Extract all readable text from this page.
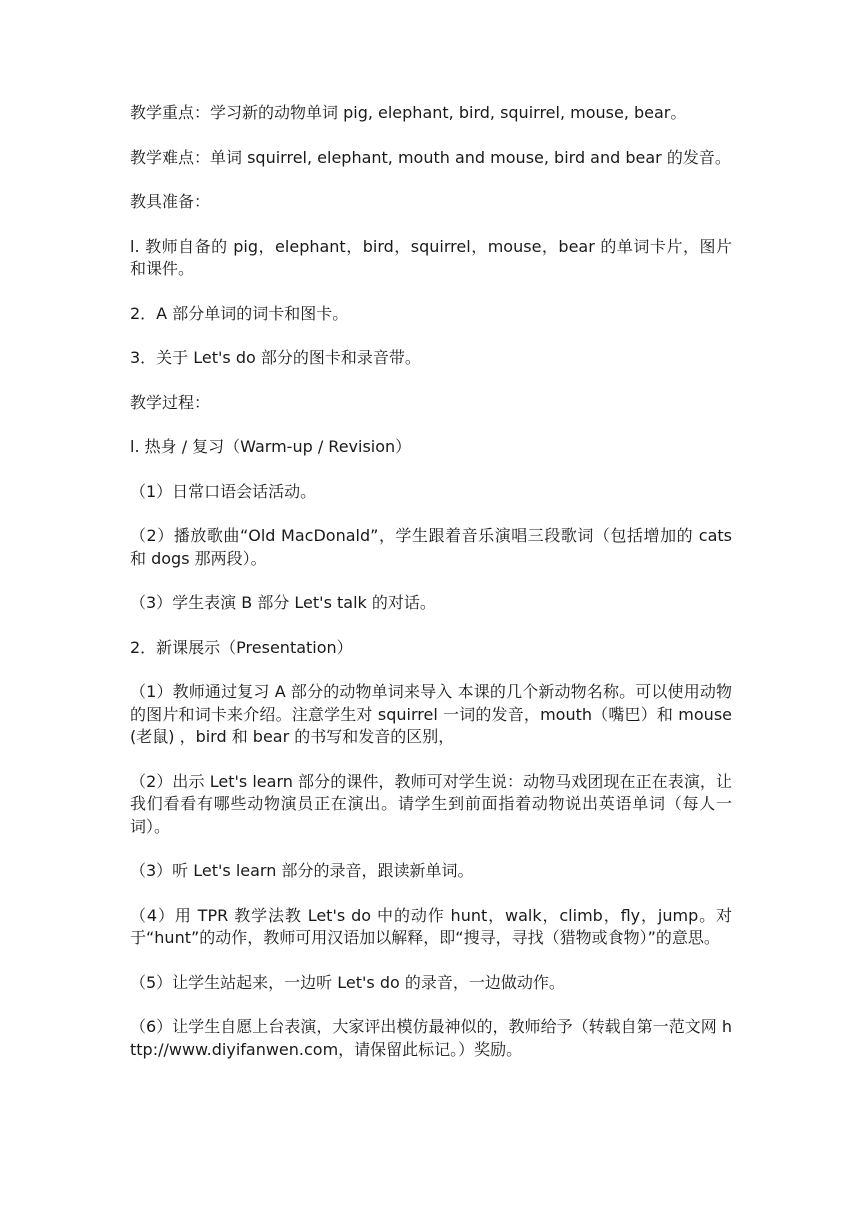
教学重点：学习新的动物单词 pig, elephant, bird, squirrel, mouse, bear。

教学难点：单词 squirrel, elephant, mouth and mouse, bird and bear 的发音。

教具准备：

l. 教师自备的 pig，elephant，bird，squirrel，mouse，bear 的单词卡片，图片和课件。

2．A 部分单词的词卡和图卡。

3．关于 Let's do 部分的图卡和录音带。

教学过程：

l. 热身 / 复习（Warm-up / Revision）

（1）日常口语会话活动。

（2）播放歌曲“Old MacDonald”，学生跟着音乐演唱三段歌词（包括增加的 cats 和 dogs 那两段）。

（3）学生表演 B 部分 Let's talk 的对话。

2．新课展示（Presentation）

（1）教师通过复习 A 部分的动物单词来导入 本课的几个新动物名称。可以使用动物的图片和词卡来介绍。注意学生对 squirrel 一词的发音，mouth（嘴巴）和 mouse (老鼠) ，bird 和 bear 的书写和发音的区别，

（2）出示 Let's learn 部分的课件，教师可对学生说：动物马戏团现在正在表演，让我们看看有哪些动物演员正在演出。请学生到前面指着动物说出英语单词（每人一词）。

（3）听 Let's learn 部分的录音，跟读新单词。

（4）用 TPR 教学法教 Let's do 中的动作 hunt，walk，climb，fly，jump。对于“hunt”的动作，教师可用汉语加以解释，即“搜寻，寻找（猎物或食物）”的意思。

（5）让学生站起来，一边听 Let's do 的录音，一边做动作。

（6）让学生自愿上台表演，大家评出模仿最神似的，教师给予（转载自第一范文网 http://www.diyifanwen.com，请保留此标记。）奖励。
